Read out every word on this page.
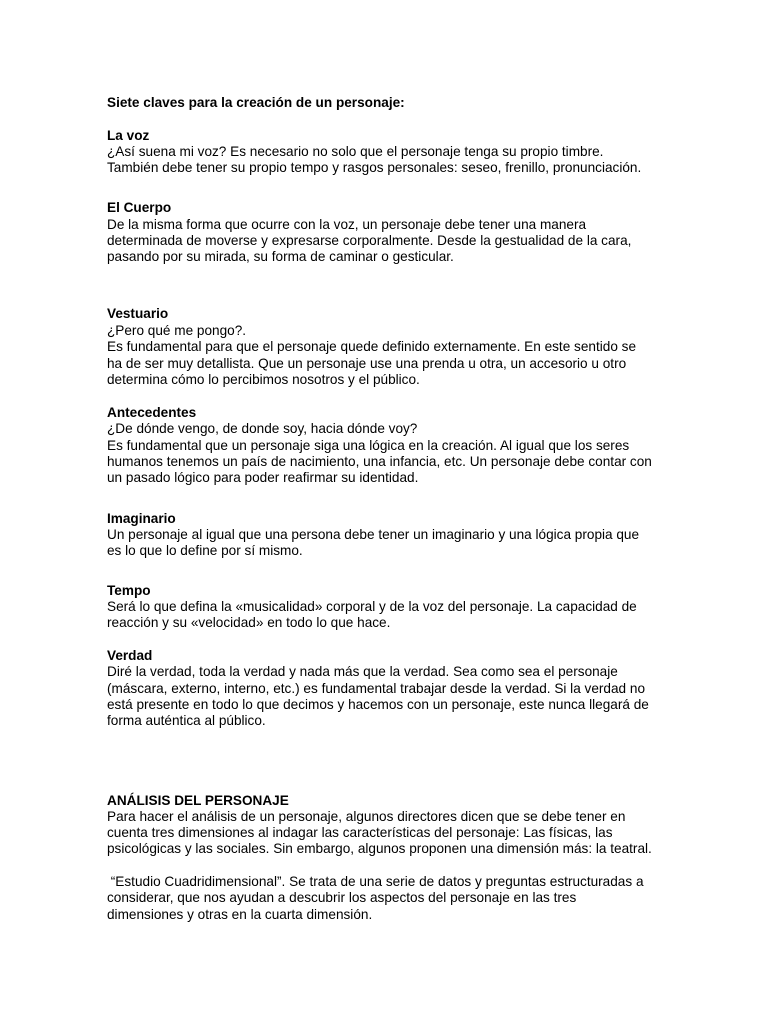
Siete claves para la creación de un personaje:
La voz
¿Así suena mi voz? Es necesario no solo que el personaje tenga su propio timbre.
También debe tener su propio tempo y rasgos personales: seseo, frenillo, pronunciación.
El Cuerpo
De la misma forma que ocurre con la voz, un personaje debe tener una manera
determinada de moverse y expresarse corporalmente. Desde la gestualidad de la cara,
pasando por su mirada, su forma de caminar o gesticular.
Vestuario
¿Pero qué me pongo?.
Es fundamental para que el personaje quede definido externamente. En este sentido se
ha de ser muy detallista. Que un personaje use una prenda u otra, un accesorio u otro
determina cómo lo percibimos nosotros y el público.
Antecedentes
¿De dónde vengo, de donde soy, hacia dónde voy?
Es fundamental que un personaje siga una lógica en la creación. Al igual que los seres
humanos tenemos un país de nacimiento, una infancia, etc. Un personaje debe contar con
un pasado lógico para poder reafirmar su identidad.
Imaginario
Un personaje al igual que una persona debe tener un imaginario y una lógica propia que
es lo que lo define por sí mismo.
Tempo
Será lo que defina la «musicalidad» corporal y de la voz del personaje. La capacidad de
reacción y su «velocidad» en todo lo que hace.
Verdad
Diré la verdad, toda la verdad y nada más que la verdad. Sea como sea el personaje
(máscara, externo, interno, etc.) es fundamental trabajar desde la verdad. Si la verdad no
está presente en todo lo que decimos y hacemos con un personaje, este nunca llegará de
forma auténtica al público.
ANÁLISIS DEL PERSONAJE
Para hacer el análisis de un personaje, algunos directores dicen que se debe tener en
cuenta tres dimensiones al indagar las características del personaje: Las físicas, las
psicológicas y las sociales. Sin embargo, algunos proponen una dimensión más: la teatral.
“Estudio Cuadridimensional”. Se trata de una serie de datos y preguntas estructuradas a
considerar, que nos ayudan a descubrir los aspectos del personaje en las tres
dimensiones y otras en la cuarta dimensión.
